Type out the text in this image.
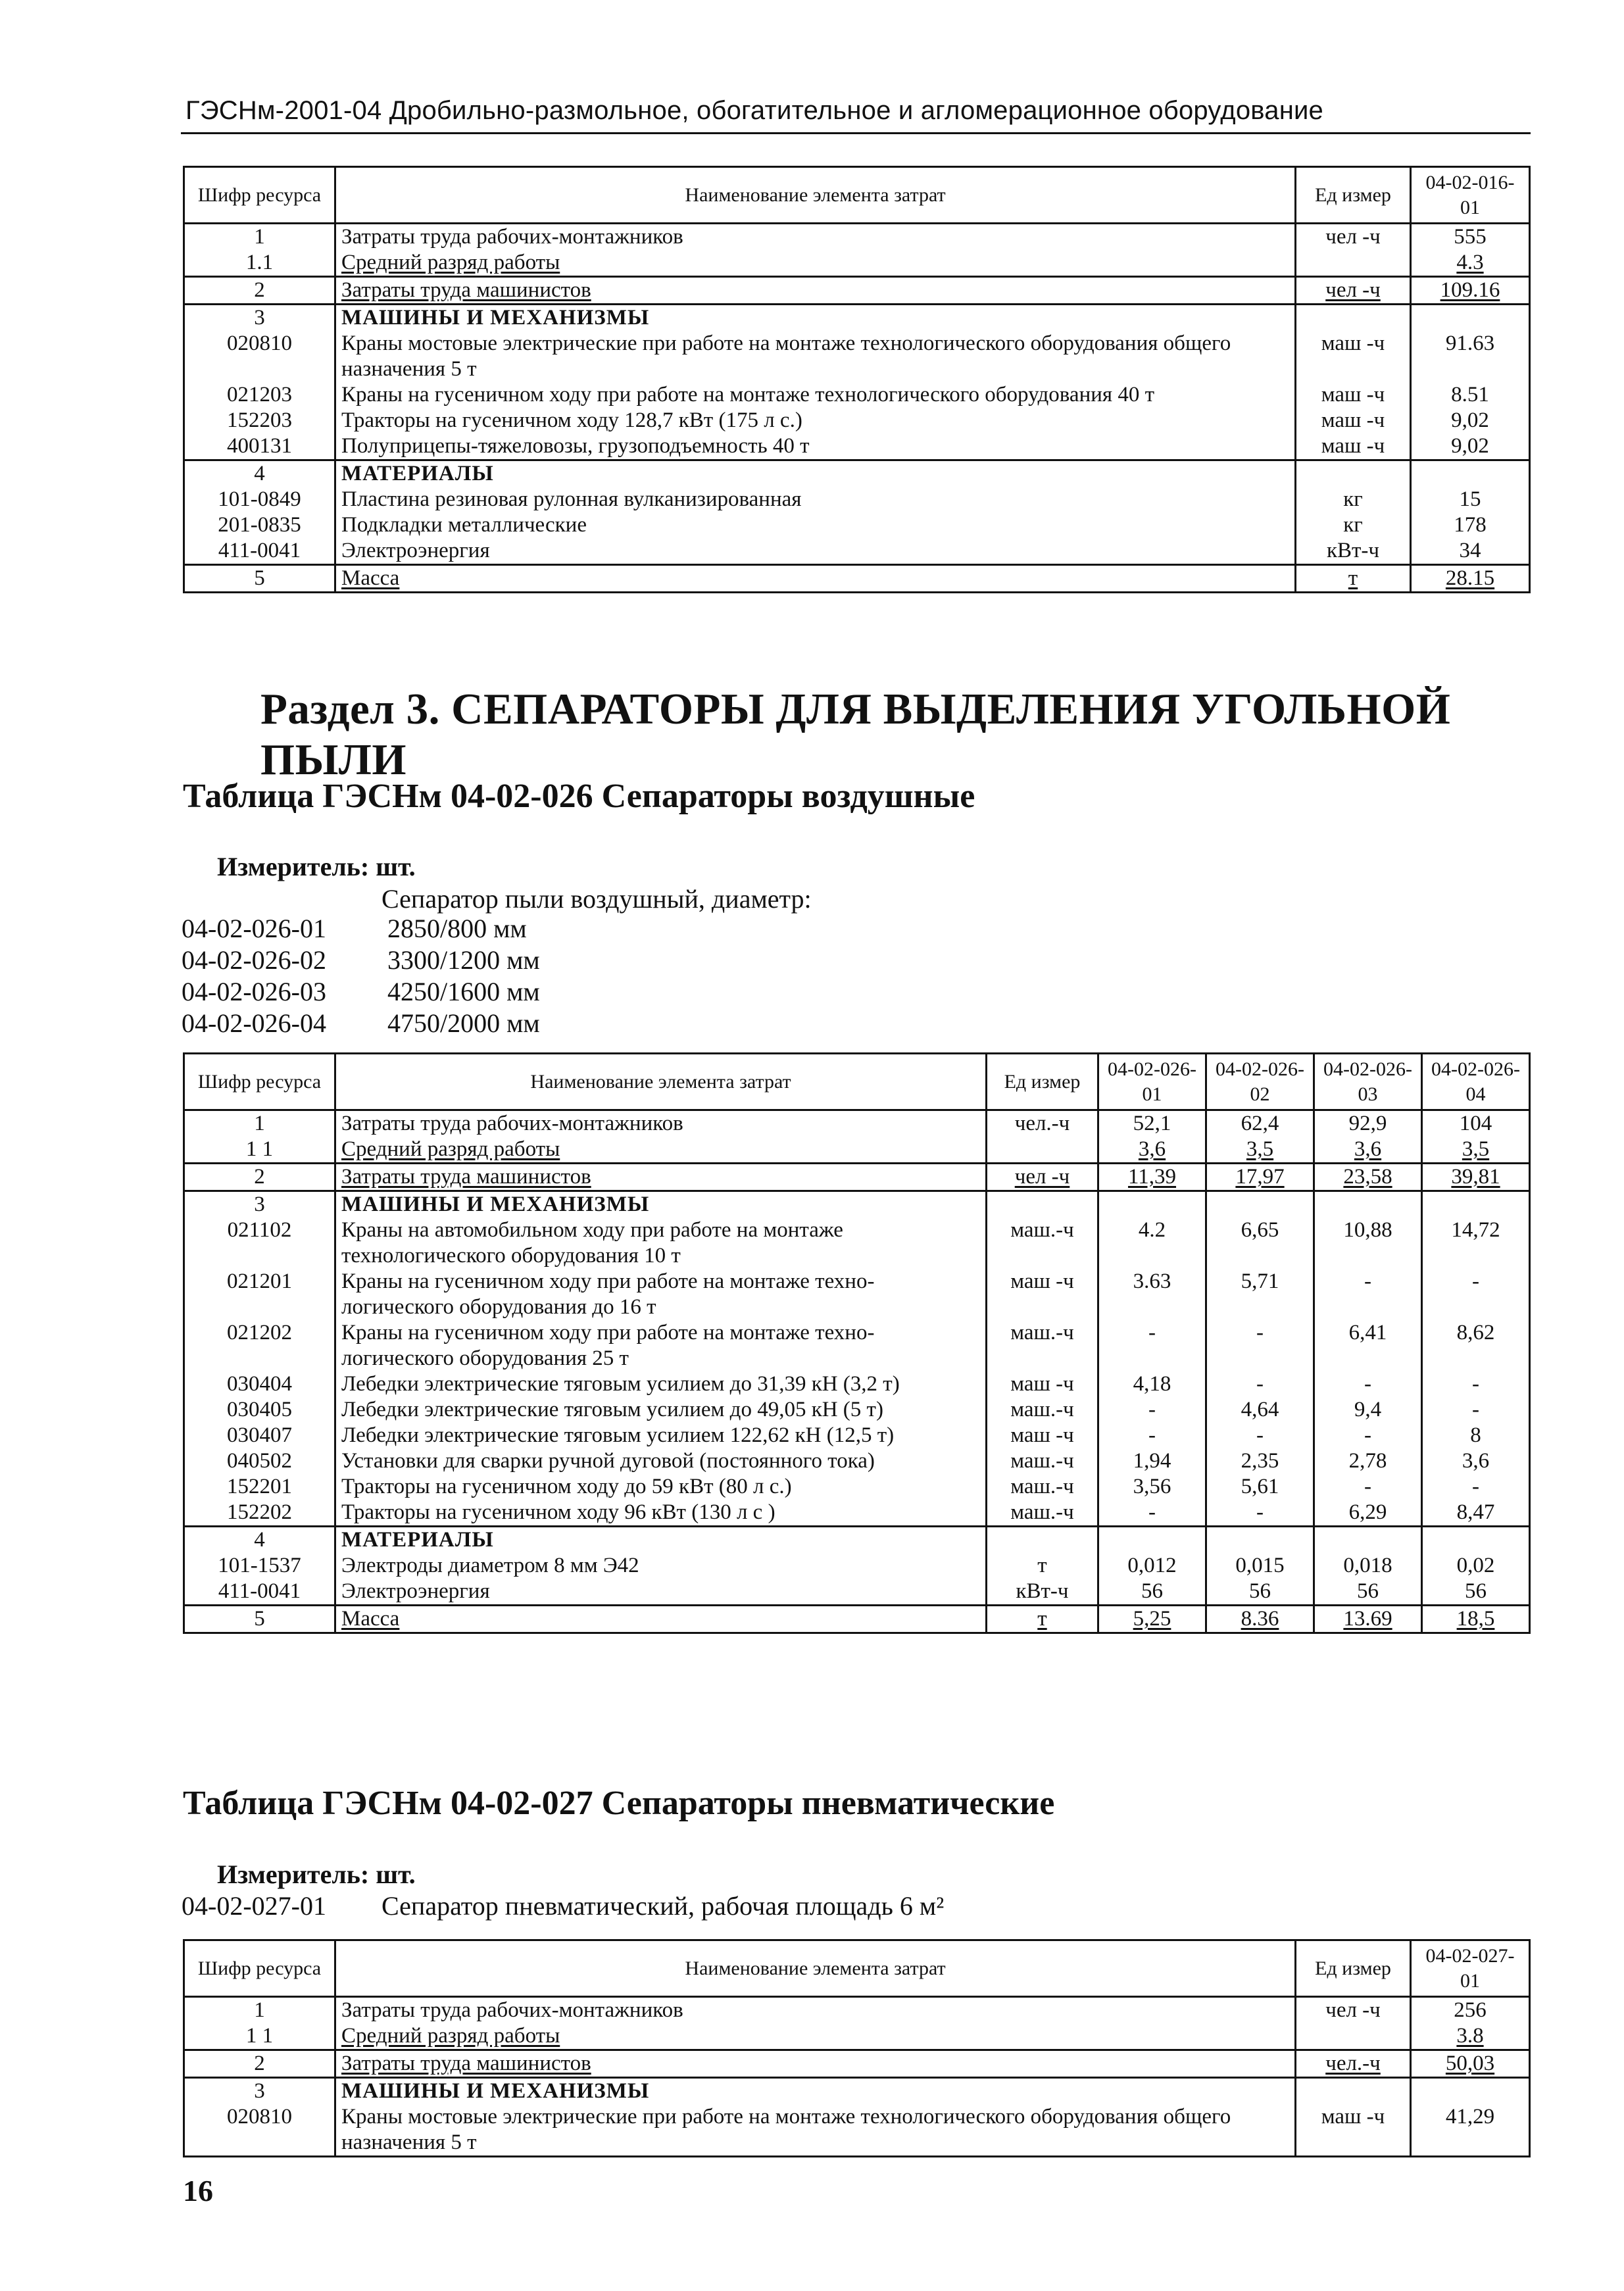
ГЭСНм-2001-04 Дробильно-размольное, обогатительное и агломерационное оборудование
Шифр ресурса	Наименование элемента затрат	Ед измер	04-02-016-01
1	Затраты труда рабочих-монтажников	чел -ч	555
1.1	Средний разряд работы		4.3
2	Затраты труда машинистов	чел -ч	109.16
3	МАШИНЫ И МЕХАНИЗМЫ		
020810	Краны мостовые электрические при работе на монтаже технологического оборудования общего назначения 5 т	маш -ч	91.63
021203	Краны на гусеничном ходу при работе на монтаже технологического оборудования 40 т	маш -ч	8.51
152203	Тракторы на гусеничном ходу 128,7 кВт (175 л с.)	маш -ч	9,02
400131	Полуприцепы-тяжеловозы, грузоподъемность 40 т	маш -ч	9,02
4	МАТЕРИАЛЫ		
101-0849	Пластина резиновая рулонная вулканизированная	кг	15
201-0835	Подкладки металлические	кг	178
411-0041	Электроэнергия	кВт-ч	34
5	Масса	т	28.15
Раздел 3. СЕПАРАТОРЫ ДЛЯ ВЫДЕЛЕНИЯ УГОЛЬНОЙ ПЫЛИ
Таблица ГЭСНм 04-02-026 Сепараторы воздушные
Измеритель: шт.
Сепаратор пыли воздушный, диаметр:
04-02-026-01	2850/800 мм
04-02-026-02	3300/1200 мм
04-02-026-03	4250/1600 мм
04-02-026-04	4750/2000 мм
Шифр ресурса	Наименование элемента затрат	Ед измер	04-02-026-01	04-02-026-02	04-02-026-03	04-02-026-04
1	Затраты труда рабочих-монтажников	чел.-ч	52,1	62,4	92,9	104
1 1	Средний разряд работы		3,6	3,5	3,6	3,5
2	Затраты труда машинистов	чел -ч	11,39	17,97	23,58	39,81
3	МАШИНЫ И МЕХАНИЗМЫ					
021102	Краны на автомобильном ходу при работе на монтаже технологического оборудования 10 т	маш.-ч	4.2	6,65	10,88	14,72
021201	Краны на гусеничном ходу при работе на монтаже техно-логического оборудования до 16 т	маш -ч	3.63	5,71	-	-
021202	Краны на гусеничном ходу при работе на монтаже техно-логического оборудования 25 т	маш.-ч	-	-	6,41	8,62
030404	Лебедки электрические тяговым усилием до 31,39 кН (3,2 т)	маш -ч	4,18	-	-	-
030405	Лебедки электрические тяговым усилием до 49,05 кН (5 т)	маш.-ч	-	4,64	9,4	-
030407	Лебедки электрические тяговым усилием 122,62 кН (12,5 т)	маш -ч	-	-	-	8
040502	Установки для сварки ручной дуговой (постоянного тока)	маш.-ч	1,94	2,35	2,78	3,6
152201	Тракторы на гусеничном ходу до 59 кВт (80 л с.)	маш.-ч	3,56	5,61	-	-
152202	Тракторы на гусеничном ходу 96 кВт (130 л с )	маш.-ч	-	-	6,29	8,47
4	МАТЕРИАЛЫ					
101-1537	Электроды диаметром 8 мм Э42	т	0,012	0,015	0,018	0,02
411-0041	Электроэнергия	кВт-ч	56	56	56	56
5	Масса	т	5,25	8.36	13.69	18,5
Таблица ГЭСНм 04-02-027 Сепараторы пневматические
Измеритель: шт.
04-02-027-01	Сепаратор пневматический, рабочая площадь 6 м²
Шифр ресурса	Наименование элемента затрат	Ед измер	04-02-027-01
1	Затраты труда рабочих-монтажников	чел -ч	256
1 1	Средний разряд работы		3.8
2	Затраты труда машинистов	чел.-ч	50,03
3	МАШИНЫ И МЕХАНИЗМЫ		
020810	Краны мостовые электрические при работе на монтаже технологического оборудования общего назначения 5 т	маш -ч	41,29
16
